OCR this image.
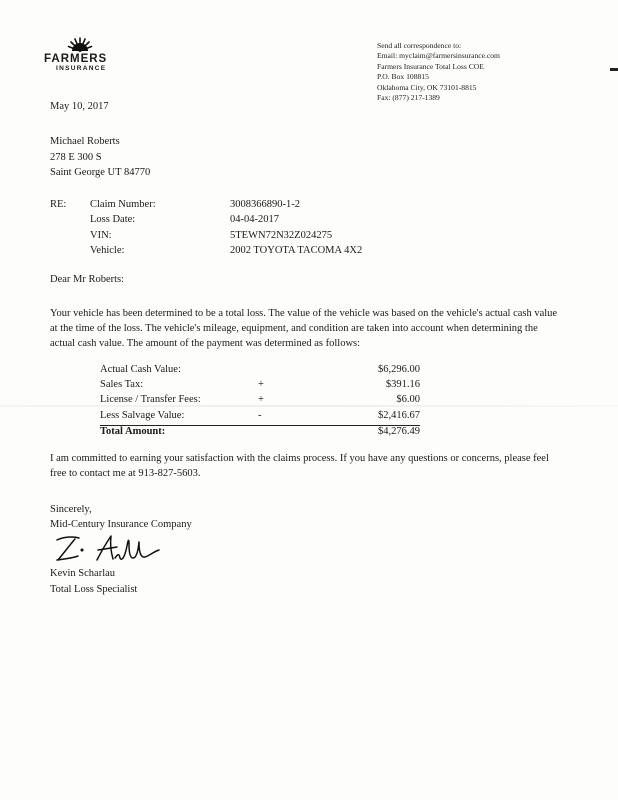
FARMERS
INSURANCE
Send all correspondence to:
Email: myclaim@farmersinsurance.com
Farmers Insurance Total Loss COE
P.O. Box 108815
Oklahoma City, OK 73101-8815
Fax: (877) 217-1389
May 10, 2017
Michael Roberts
278 E 300 S
Saint George UT 84770
RE: Claim Number:	3008366890-1-2
Loss Date:	04-04-2017
VIN:	5TEWN72N32Z024275
Vehicle:	2002 TOYOTA TACOMA 4X2
Dear Mr Roberts:
Your vehicle has been determined to be a total loss. The value of the vehicle was based on the vehicle's actual cash value at the time of the loss. The vehicle's mileage, equipment, and condition are taken into account when determining the actual cash value. The amount of the payment was determined as follows:
Actual Cash Value:	$6,296.00
Sales Tax:	+	$391.16
License / Transfer Fees:	+	$6.00
Less Salvage Value:	-	$2,416.67
Total Amount:	$4,276.49
I am committed to earning your satisfaction with the claims process. If you have any questions or concerns, please feel free to contact me at 913-827-5603.
Sincerely,
Mid-Century Insurance Company
Kevin Scharlau
Total Loss Specialist
